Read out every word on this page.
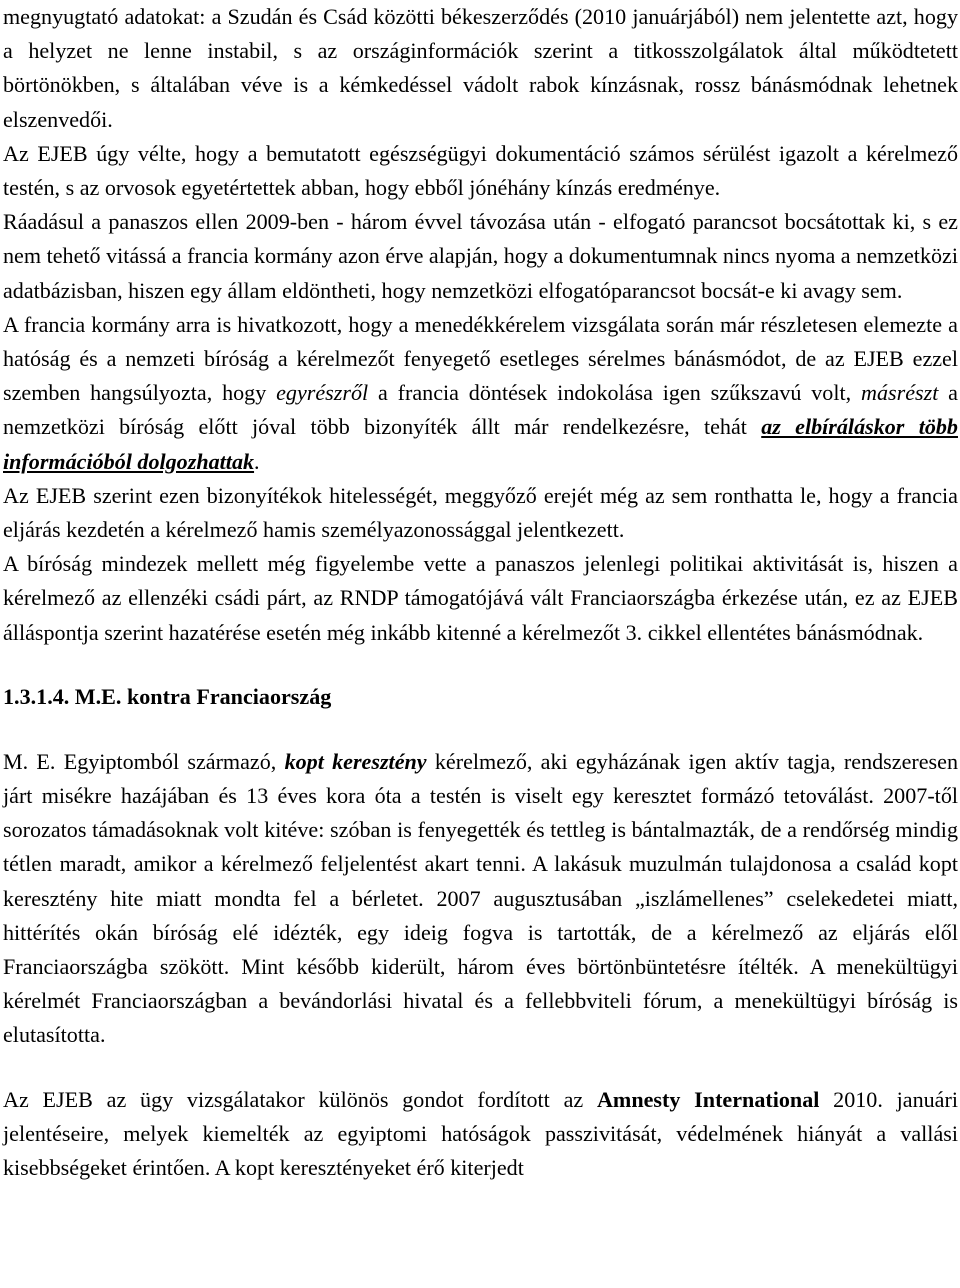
megnyugtató adatokat: a Szudán és Csád közötti békeszerződés (2010 januárjából) nem jelentette azt, hogy a helyzet ne lenne instabil, s az országinformációk szerint a titkosszolgálatok által működtetett börtönökben, s általában véve is a kémkedéssel vádolt rabok kínzásnak, rossz bánásmódnak lehetnek elszenvedői.

Az EJEB úgy vélte, hogy a bemutatott egészségügyi dokumentáció számos sérülést igazolt a kérelmező testén, s az orvosok egyetértettek abban, hogy ebből jónéhány kínzás eredménye.

Ráadásul a panaszos ellen 2009-ben - három évvel távozása után - elfogató parancsot bocsátottak ki, s ez nem tehető vitássá a francia kormány azon érve alapján, hogy a dokumentumnak nincs nyoma a nemzetközi adatbázisban, hiszen egy állam eldöntheti, hogy nemzetközi elfogatóparancsot bocsát-e ki avagy sem.

A francia kormány arra is hivatkozott, hogy a menedékkérelem vizsgálata során már részletesen elemezte a hatóság és a nemzeti bíróság a kérelmezőt fenyegető esetleges sérelmes bánásmódot, de az EJEB ezzel szemben hangsúlyozta, hogy egyrészről a francia döntések indokolása igen szűkszavú volt, másrészt a nemzetközi bíróság előtt jóval több bizonyíték állt már rendelkezésre, tehát az elbíráláskor több információból dolgozhattak.

Az EJEB szerint ezen bizonyítékok hitelességét, meggyőző erejét még az sem ronthatta le, hogy a francia eljárás kezdetén a kérelmező hamis személyazonossággal jelentkezett.

A bíróság mindezek mellett még figyelembe vette a panaszos jelenlegi politikai aktivitását is, hiszen a kérelmező az ellenzéki csádi párt, az RNDP támogatójává vált Franciaországba érkezése után, ez az EJEB álláspontja szerint hazatérése esetén még inkább kitenné a kérelmezőt 3. cikkel ellentétes bánásmódnak.

1.3.1.4. M.E. kontra Franciaország

M. E. Egyiptomból származó, kopt keresztény kérelmező, aki egyházának igen aktív tagja, rendszeresen járt misékre hazájában és 13 éves kora óta a testén is viselt egy keresztet formázó tetoválást. 2007-től sorozatos támadásoknak volt kitéve: szóban is fenyegették és tettleg is bántalmazták, de a rendőrség mindig tétlen maradt, amikor a kérelmező feljelentést akart tenni. A lakásuk muzulmán tulajdonosa a család kopt keresztény hite miatt mondta fel a bérletet. 2007 augusztusában „iszlámellenes” cselekedetei miatt, hittérítés okán bíróság elé idézték, egy ideig fogva is tartották, de a kérelmező az eljárás elől Franciaországba szökött. Mint később kiderült, három éves börtönbüntetésre ítélték. A menekültügyi kérelmét Franciaországban a bevándorlási hivatal és a fellebbviteli fórum, a menekültügyi bíróság is elutasította.

Az EJEB az ügy vizsgálatakor különös gondot fordított az Amnesty International 2010. januári jelentéseire, melyek kiemelték az egyiptomi hatóságok passzivitását, védelmének hiányát a vallási kisebbségeket érintően. A kopt keresztényeket érő kiterjedt
